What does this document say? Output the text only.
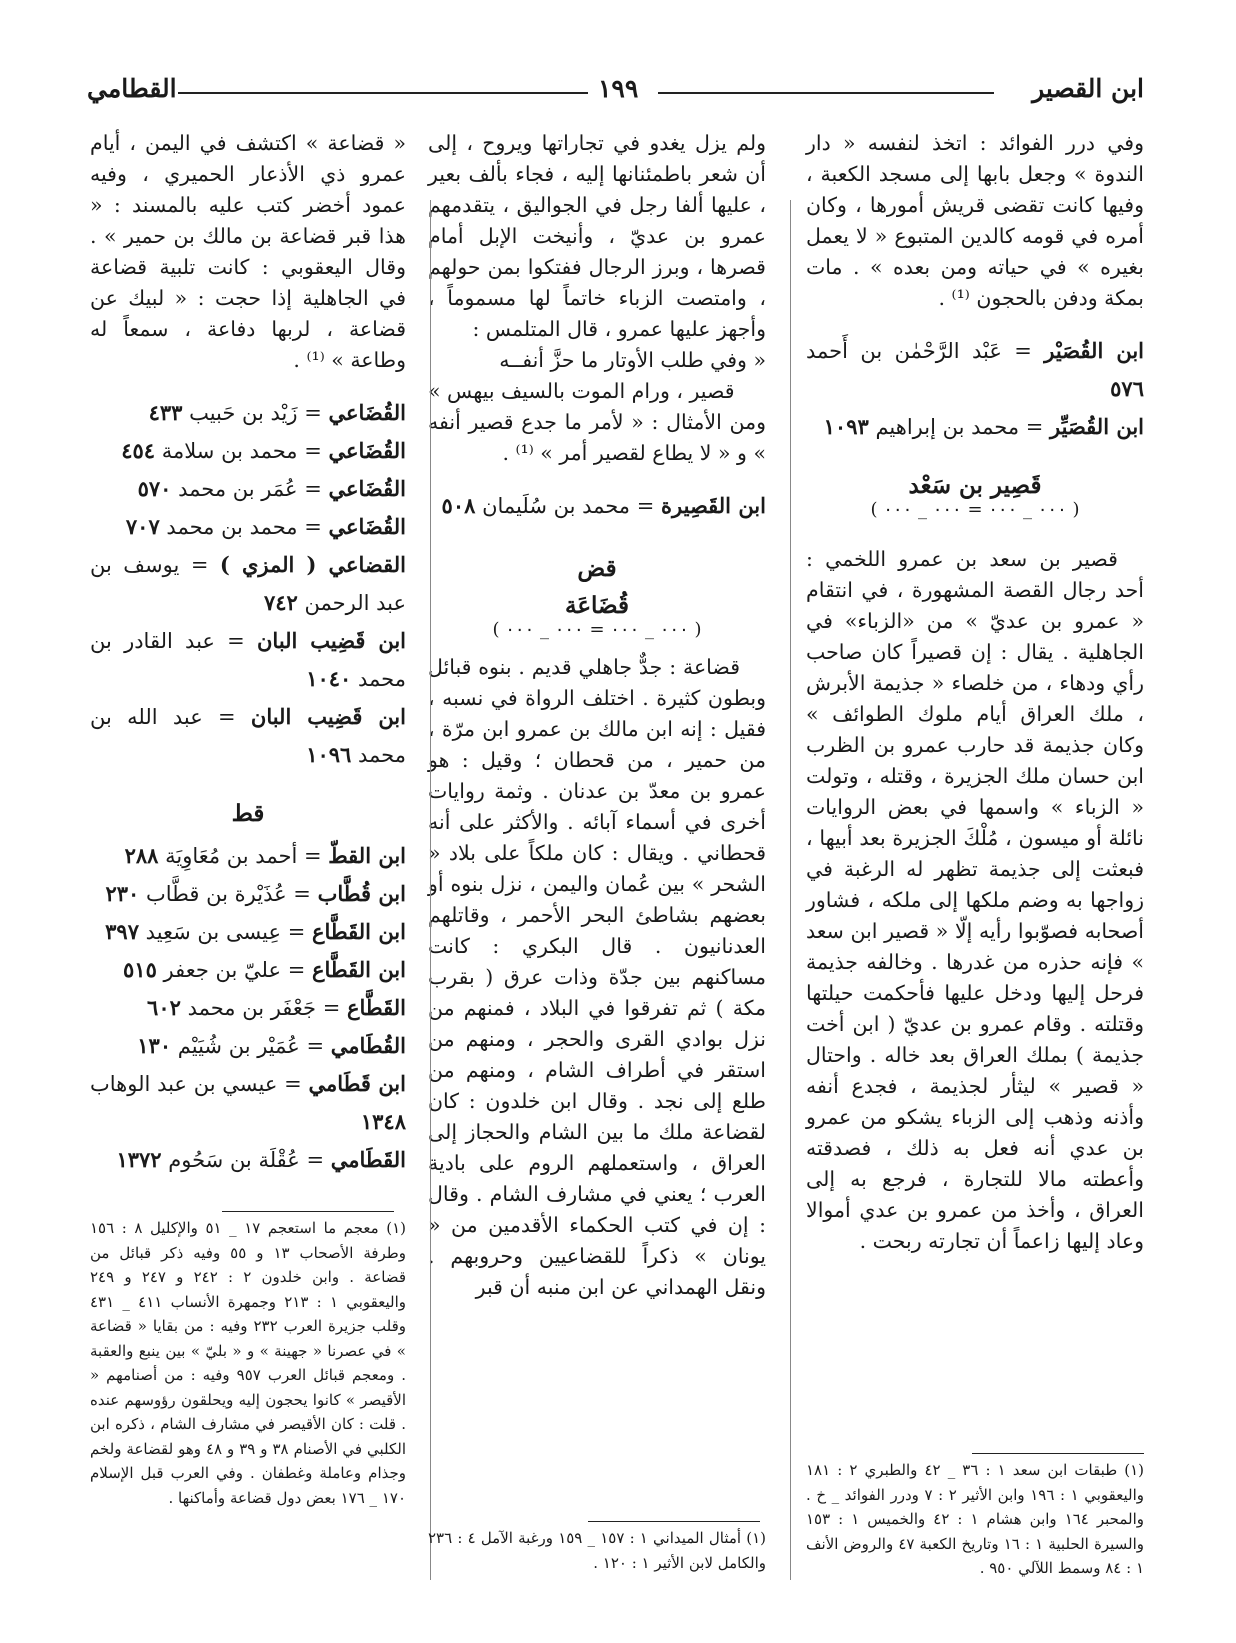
ابن القصير
١٩٩
القطامي

وفي درر الفوائد : اتخذ لنفسه « دار الندوة » وجعل بابها إلى مسجد الكعبة ، وفيها كانت تقضى قريش أمورها ، وكان أمره في قومه كالدين المتبوع « لا يعمل بغيره » في حياته ومن بعده » . مات بمكة ودفن بالحجون ⁽¹⁾ .

ابن القُصَيْر = عَبْد الرَّحْمٰن بن أَحمد ٥٧٦

ابن القُصَيِّر = محمد بن إبراهيم ١٠٩٣

قَصِير بن سَعْد

( ٠٠٠ _ ٠٠٠ = ٠٠٠ _ ٠٠٠ )

قصير بن سعد بن عمرو اللخمي : أحد رجال القصة المشهورة ، في انتقام « عمرو بن عديّ » من «الزباء» في الجاهلية . يقال : إن قصيراً كان صاحب رأي ودهاء ، من خلصاء « جذيمة الأبرش ، ملك العراق أيام ملوك الطوائف » وكان جذيمة قد حارب عمرو بن الظرب ابن حسان ملك الجزيرة ، وقتله ، وتولت « الزباء » واسمها في بعض الروايات نائلة أو ميسون ، مُلْكَ الجزيرة بعد أبيها ، فبعثت إلى جذيمة تظهر له الرغبة في زواجها به وضم ملكها إلى ملكه ، فشاور أصحابه فصوّبوا رأيه إلّا « قصير ابن سعد » فإنه حذره من غدرها . وخالفه جذيمة فرحل إليها ودخل عليها فأحكمت حيلتها وقتلته . وقام عمرو بن عديّ ( ابن أخت جذيمة ) بملك العراق بعد خاله . واحتال « قصير » ليثأر لجذيمة ، فجدع أنفه وأذنه وذهب إلى الزباء يشكو من عمرو بن عدي أنه فعل به ذلك ، فصدقته وأعطته مالا للتجارة ، فرجع به إلى العراق ، وأخذ من عمرو بن عدي أموالا وعاد إليها زاعماً أن تجارته ربحت .

ولم يزل يغدو في تجاراتها ويروح ، إلى أن شعر باطمئنانها إليه ، فجاء بألف بعير ، عليها ألفا رجل في الجواليق ، يتقدمهم عمرو بن عديّ ، وأنيخت الإبل أمام قصرها ، وبرز الرجال ففتكوا بمن حولهم ، وامتصت الزباء خاتماً لها مسموماً ، وأجهز عليها عمرو ، قال المتلمس :

« وفي طلب الأوتار ما حزَّ أنفــه

قصير ، ورام الموت بالسيف بيهس »

ومن الأمثال : « لأمر ما جدع قصير أنفه » و « لا يطاع لقصير أمر » ⁽¹⁾ .

ابن القَصِيرة = محمد بن سُلَيمان ٥٠٨

قض

قُضَاعَة

( ٠٠٠ _ ٠٠٠ = ٠٠٠ _ ٠٠٠ )

قضاعة : جدٌّ جاهلي قديم . بنوه قبائل وبطون كثيرة . اختلف الرواة في نسبه ، فقيل : إنه ابن مالك بن عمرو ابن مرّة ، من حمير ، من قحطان ؛ وقيل : هو عمرو بن معدّ بن عدنان . وثمة روايات أخرى في أسماء آبائه . والأكثر على أنه قحطاني . ويقال : كان ملكاً على بلاد « الشحر » بين عُمان واليمن ، نزل بنوه أو بعضهم بشاطئ البحر الأحمر ، وقاتلهم العدنانيون . قال البكري : كانت مساكنهم بين جدّة وذات عرق ( بقرب مكة ) ثم تفرقوا في البلاد ، فمنهم من نزل بوادي القرى والحجر ، ومنهم من استقر في أطراف الشام ، ومنهم من طلع إلى نجد . وقال ابن خلدون : كان لقضاعة ملك ما بين الشام والحجاز إلى العراق ، واستعملهم الروم على بادية العرب ؛ يعني في مشارف الشام . وقال : إن في كتب الحكماء الأقدمين من « يونان » ذكراً للقضاعيين وحروبهم . ونقل الهمداني عن ابن منبه أن قبر

« قضاعة » اكتشف في اليمن ، أيام عمرو ذي الأذعار الحميري ، وفيه عمود أخضر كتب عليه بالمسند : « هذا قبر قضاعة بن مالك بن حمير » . وقال اليعقوبي : كانت تلبية قضاعة في الجاهلية إذا حجت : « لبيك عن قضاعة ، لربها دفاعة ، سمعاً له وطاعة » ⁽¹⁾ .

القُضَاعي = زَيْد بن حَبيب ٤٣٣

القُضَاعي = محمد بن سلامة ٤٥٤

القُضَاعي = عُمَر بن محمد ٥٧٠

القُضَاعي = محمد بن محمد ٧٠٧

القضاعي ( المزي ) = يوسف بن عبد الرحمن ٧٤٢

ابن قَضِيب البان = عبد القادر بن محمد ١٠٤٠

ابن قَضِيب البان = عبد الله بن محمد ١٠٩٦

قط

ابن القطّ = أحمد بن مُعَاوِيَة ٢٨٨

ابن قُطَّاب = عُذَيْرة بن قطَّاب ٢٣٠

ابن القَطَّاع = عِيسى بن سَعِيد ٣٩٧

ابن القَطَّاع = عليّ بن جعفر ٥١٥

القَطَّاع = جَعْفَر بن محمد ٦٠٢

القُطَامي = عُمَيْر بن شُيَيْم ١٣٠

ابن قَطَامي = عيسي بن عبد الوهاب ١٣٤٨

القَطَامي = عُقْلَة بن سَحُوم ١٣٧٢

(١) طبقات ابن سعد ١ : ٣٦ _ ٤٢ والطبري ٢ : ١٨١ واليعقوبي ١ : ١٩٦ وابن الأثير ٢ : ٧ ودرر الفوائد _ خ . والمحبر ١٦٤ وابن هشام ١ : ٤٢ والخميس ١ : ١٥٣ والسيرة الحلبية ١ : ١٦ وتاريخ الكعبة ٤٧ والروض الأنف ١ : ٨٤ وسمط اللآلي ٩٥٠ .

(١) أمثال الميداني ١ : ١٥٧ _ ١٥٩ ورغبة الآمل ٤ : ٢٣٦ والكامل لابن الأثير ١ : ١٢٠ .

(١) معجم ما استعجم ١٧ _ ٥١ والإكليل ٨ : ١٥٦ وطرفة الأصحاب ١٣ و ٥٥ وفيه ذكر قبائل من قضاعة . وابن خلدون ٢ : ٢٤٢ و ٢٤٧ و ٢٤٩ واليعقوبي ١ : ٢١٣ وجمهرة الأنساب ٤١١ _ ٤٣١ وقلب جزيرة العرب ٢٣٢ وفيه : من بقايا « قضاعة » في عصرنا « جهينة » و « بليّ » بين ينبع والعقبة . ومعجم قبائل العرب ٩٥٧ وفيه : من أصنامهم « الأقيصر » كانوا يحجون إليه ويحلقون رؤوسهم عنده . قلت : كان الأقيصر في مشارف الشام ، ذكره ابن الكلبي في الأصنام ٣٨ و ٣٩ و ٤٨ وهو لقضاعة ولخم وجذام وعاملة وغطفان . وفي العرب قبل الإسلام ١٧٠ _ ١٧٦ بعض دول قضاعة وأماكنها .
